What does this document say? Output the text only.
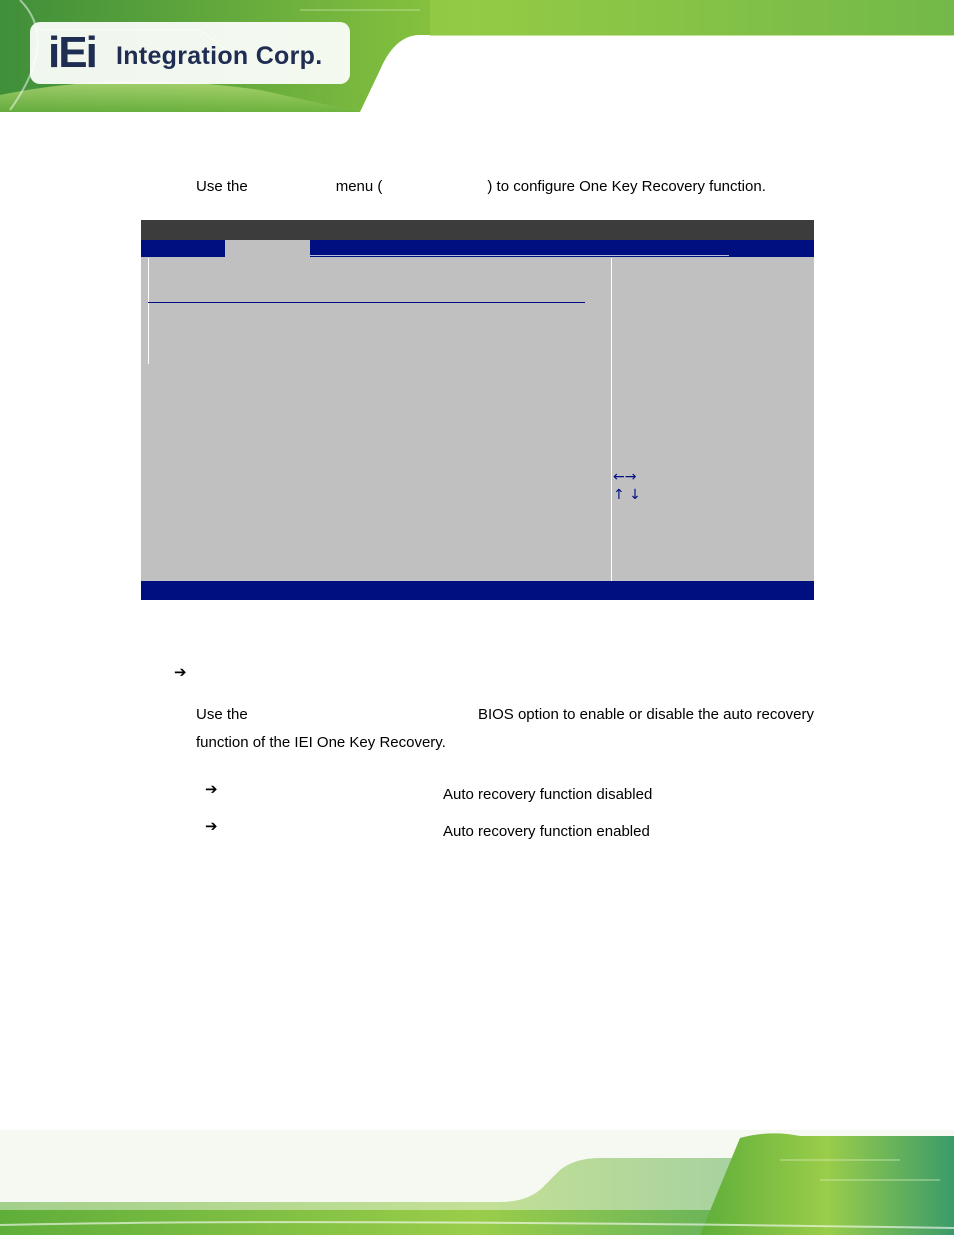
iEi Integration Corp.
Use the	menu (	) to configure One Key Recovery function.
←→
↑ ↓
➔
Use the	BIOS option to enable or disable the auto recovery
function of the IEI One Key Recovery.
➔	Auto recovery function disabled
➔	Auto recovery function enabled
